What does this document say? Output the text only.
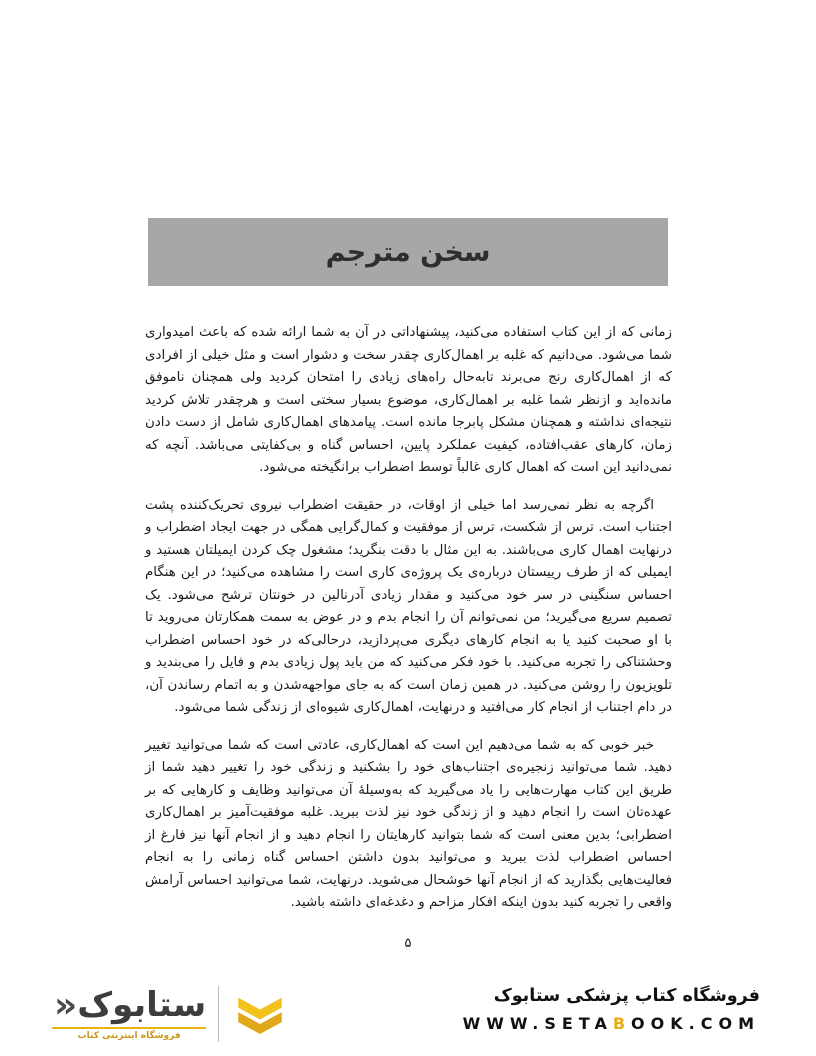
سخن مترجم

زمانی که از این کتاب استفاده می‌کنید، پیشنهاداتی در آن به شما ارائه شده که باعث امیدواری شما می‌شود. می‌دانیم که غلبه بر اهمال‌کاری چقدر سخت و دشوار است و مثل خیلی از افرادی که از اهمال‌کاری رنج می‌برند تابه‌حال راه‌های زیادی را امتحان کردید ولی همچنان ناموفق مانده‌اید و ازنظر شما غلبه بر اهمال‌کاری، موضوع بسیار سختی است و هرچقدر تلاش کردید نتیجه‌ای نداشته و همچنان مشکل پابرجا مانده است. پیامدهای اهمال‌کاری شامل از دست دادن زمان، کارهای عقب‌افتاده، کیفیت عملکرد پایین، احساس گناه و بی‌کفایتی می‌باشد. آنچه که نمی‌دانید این است که اهمال کاری غالباً توسط اضطراب برانگیخته می‌شود.

اگرچه به نظر نمی‌رسد اما خیلی از اوقات، در حقیقت اضطراب نیروی تحریک‌کننده پشت اجتناب است. ترس از شکست، ترس از موفقیت و کمال‌گرایی همگی در جهت ایجاد اضطراب و درنهایت اهمال کاری می‌باشند. به این مثال با دقت بنگرید؛ مشغول چک کردن ایمیلتان هستید و ایمیلی که از طرف رییستان درباره‌ی یک پروژه‌ی کاری است را مشاهده می‌کنید؛ در این هنگام احساس سنگینی در سر خود می‌کنید و مقدار زیادی آدرنالین در خونتان ترشح می‌شود. یک تصمیم سریع می‌گیرید؛ من نمی‌توانم آن را انجام بدم و در عوض به سمت همکارتان می‌روید تا با او صحبت کنید یا به انجام کارهای دیگری می‌پردازید، درحالی‌که در خود احساس اضطراب وحشتناکی را تجربه می‌کنید. با خود فکر می‌کنید که من باید پول زیادی بدم و فایل را می‌بندید و تلویزیون را روشن می‌کنید. در همین زمان است که به جای مواجهه‌شدن و به اتمام رساندن آن، در دام اجتناب از انجام کار می‌افتید و درنهایت، اهمال‌کاری شیوه‌ای از زندگی شما می‌شود.

خبر خوبی که به شما می‌دهیم این است که اهمال‌کاری، عادتی است که شما می‌توانید تغییر دهید. شما می‌توانید زنجیره‌ی اجتناب‌های خود را بشکنید و زندگی خود را تغییر دهید شما از طریق این کتاب مهارت‌هایی را یاد می‌گیرید که به‌وسیلهٔ آن می‌توانید وظایف و کارهایی که بر عهده‌تان است را انجام دهید و از زندگی خود نیز لذت ببرید. غلبه موفقیت‌آمیز بر اهمال‌کاری اضطرابی؛ بدین معنی است که شما بتوانید کارهایتان را انجام دهید و از انجام آنها نیز فارغ از احساس اضطراب لذت ببرید و می‌توانید بدون داشتن احساس گناه زمانی را به انجام فعالیت‌هایی بگذارید که از انجام آنها خوشحال می‌شوید. درنهایت، شما می‌توانید احساس آرامش واقعی را تجربه کنید بدون اینکه افکار مزاحم و دغدغه‌ای داشته باشید.

۵
ستابوک
«
فروشگاه اینترنتی کتاب
فروشگاه کتاب پزشکی ستابوک
WWW.SETABOOK.COM
